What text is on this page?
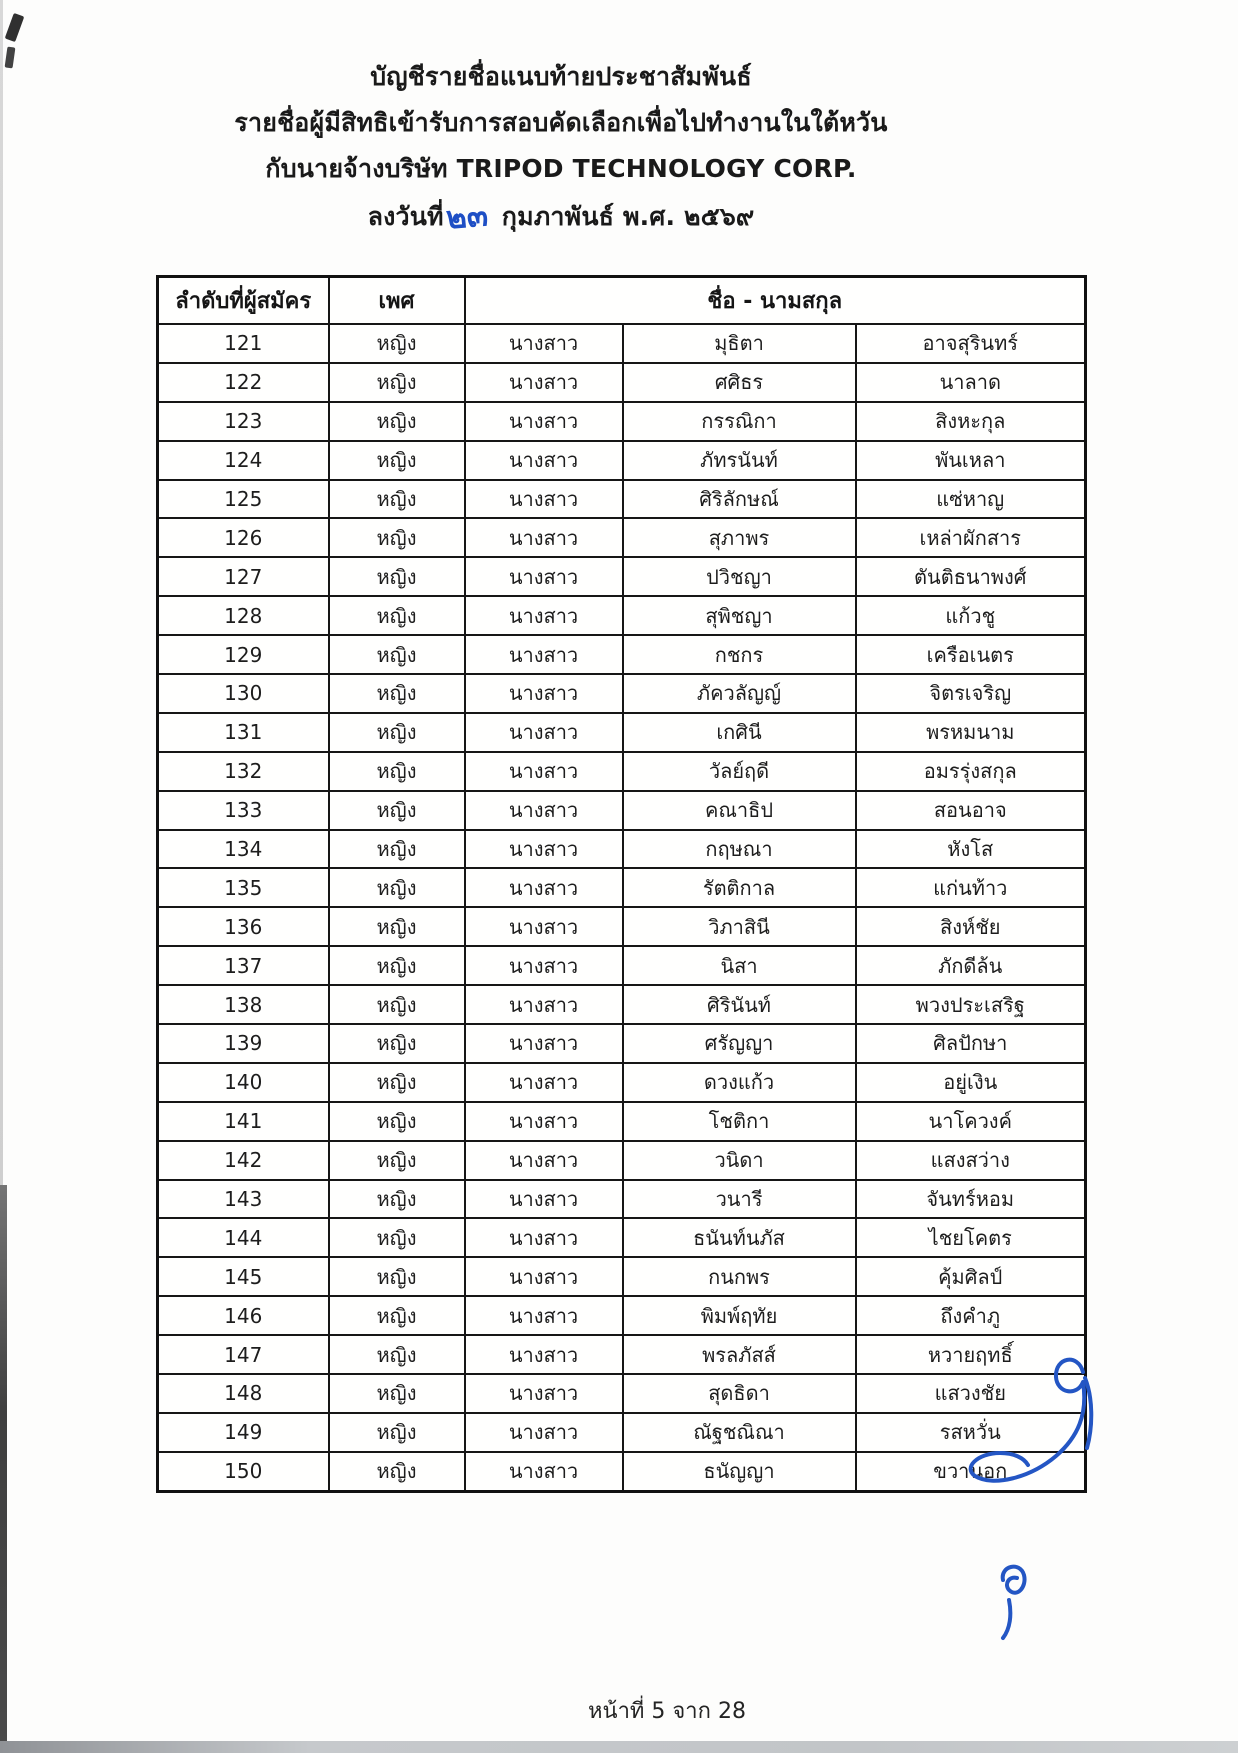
บัญชีรายชื่อแนบท้ายประชาสัมพันธ์
รายชื่อผู้มีสิทธิเข้ารับการสอบคัดเลือกเพื่อไปทำงานในใต้หวัน
กับนายจ้างบริษัท TRIPOD TECHNOLOGY CORP.
ลงวันที่๒๓ กุมภาพันธ์ พ.ศ. ๒๕๖๙
ลำดับที่ผู้สมัคร	เพศ	ชื่อ - นามสกุล		
121	หญิง	นางสาว	มุธิตา	อาจสุรินทร์
122	หญิง	นางสาว	ศศิธร	นาลาด
123	หญิง	นางสาว	กรรณิกา	สิงหะกุล
124	หญิง	นางสาว	ภัทรนันท์	พันเหลา
125	หญิง	นางสาว	ศิริลักษณ์	แซ่หาญ
126	หญิง	นางสาว	สุภาพร	เหล่าผักสาร
127	หญิง	นางสาว	ปวิชญา	ตันติธนาพงศ์
128	หญิง	นางสาว	สุพิชญา	แก้วชู
129	หญิง	นางสาว	กชกร	เครือเนตร
130	หญิง	นางสาว	ภัควลัญญ์	จิตรเจริญ
131	หญิง	นางสาว	เกศินี	พรหมนาม
132	หญิง	นางสาว	วัลย์ฤดี	อมรรุ่งสกุล
133	หญิง	นางสาว	คณาธิป	สอนอาจ
134	หญิง	นางสาว	กฤษณา	หังโส
135	หญิง	นางสาว	รัตติกาล	แก่นท้าว
136	หญิง	นางสาว	วิภาสินี	สิงห์ชัย
137	หญิง	นางสาว	นิสา	ภักดีล้น
138	หญิง	นางสาว	ศิรินันท์	พวงประเสริฐ
139	หญิง	นางสาว	ศรัญญา	ศิลปักษา
140	หญิง	นางสาว	ดวงแก้ว	อยู่เงิน
141	หญิง	นางสาว	โชติกา	นาโควงค์
142	หญิง	นางสาว	วนิดา	แสงสว่าง
143	หญิง	นางสาว	วนารี	จันทร์หอม
144	หญิง	นางสาว	ธนันท์นภัส	ไชยโคตร
145	หญิง	นางสาว	กนกพร	คุ้มศิลป์
146	หญิง	นางสาว	พิมพ์ฤทัย	ถึงคำภู
147	หญิง	นางสาว	พรลภัสส์	หวายฤทธิ์
148	หญิง	นางสาว	สุดธิดา	แสวงชัย
149	หญิง	นางสาว	ณัฐชณิณา	รสหวั่น
150	หญิง	นางสาว	ธนัญญา	ขวานอก
หน้าที่ 5 จาก 28
